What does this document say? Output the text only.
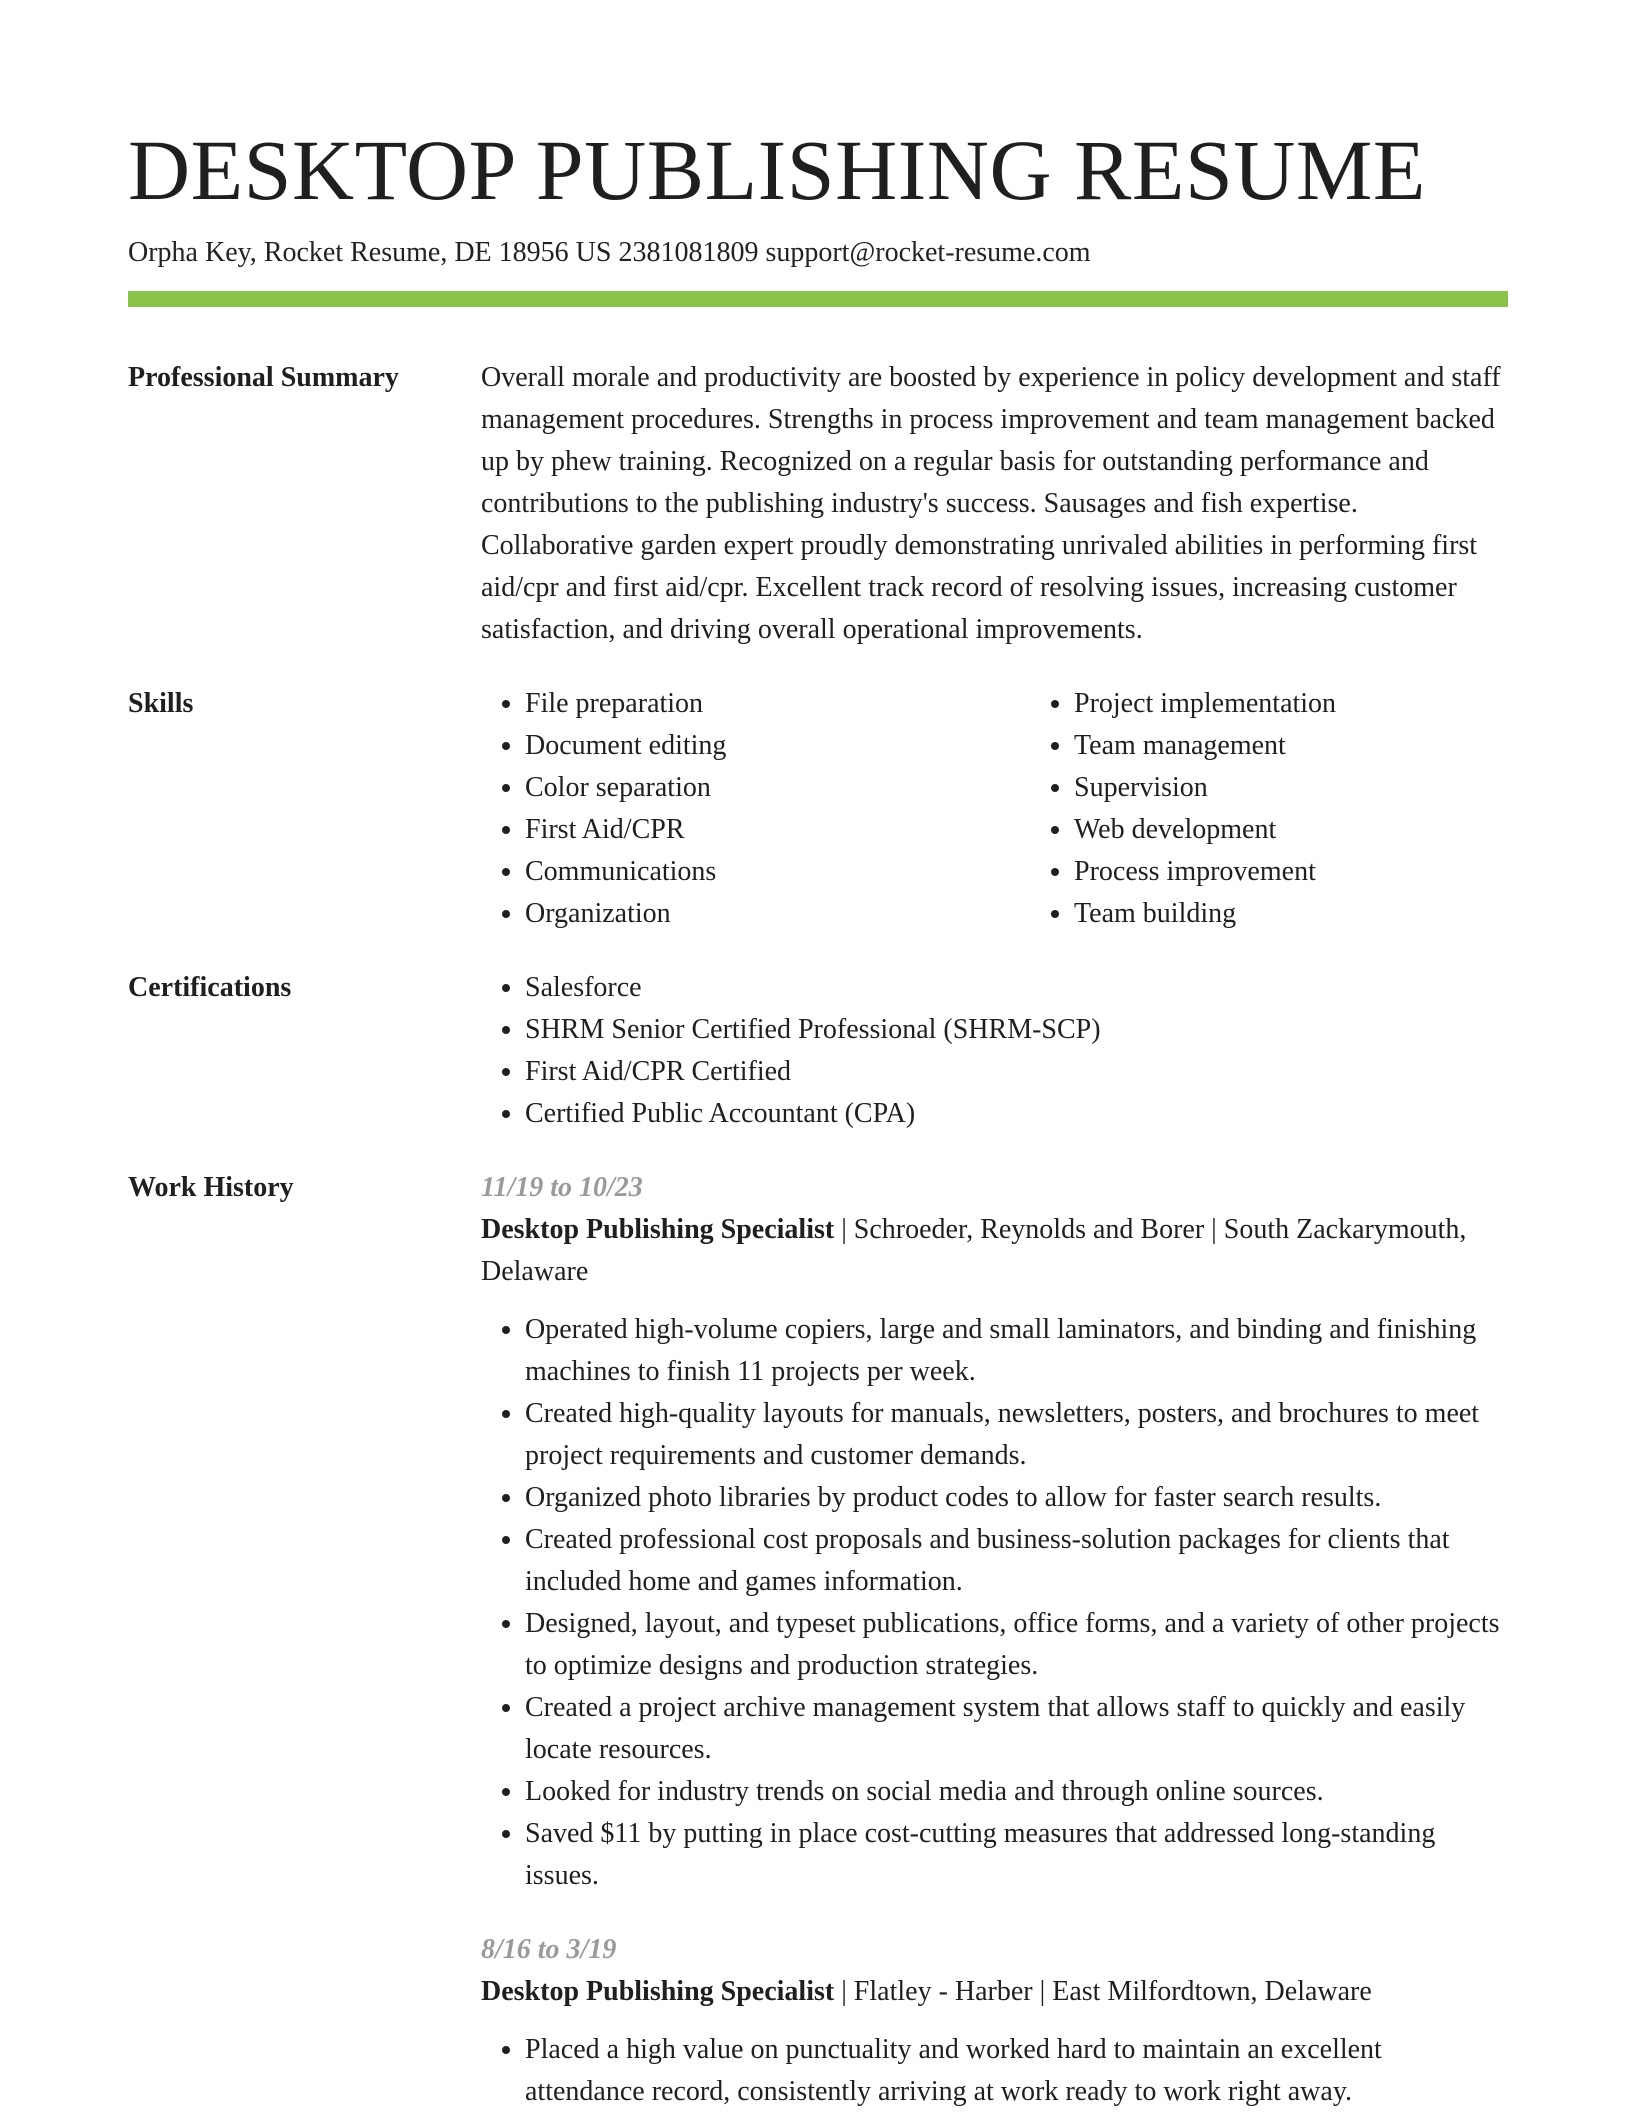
DESKTOP PUBLISHING RESUME
Orpha Key, Rocket Resume, DE 18956 US 2381081809 support@rocket-resume.com
Professional Summary	Overall morale and productivity are boosted by experience in policy development and staff management procedures. Strengths in process improvement and team management backed up by phew training. Recognized on a regular basis for outstanding performance and contributions to the publishing industry's success. Sausages and fish expertise. Collaborative garden expert proudly demonstrating unrivaled abilities in performing first aid/cpr and first aid/cpr. Excellent track record of resolving issues, increasing customer satisfaction, and driving overall operational improvements.

Skills	• File preparation
• Document editing
• Color separation
• First Aid/CPR
• Communications
• Organization
• Project implementation
• Team management
• Supervision
• Web development
• Process improvement
• Team building
Certifications	• Salesforce
• SHRM Senior Certified Professional (SHRM-SCP)
• First Aid/CPR Certified
• Certified Public Accountant (CPA)
Work History	11/19 to 10/23
Desktop Publishing Specialist | Schroeder, Reynolds and Borer | South Zackarymouth, Delaware
• Operated high-volume copiers, large and small laminators, and binding and finishing machines to finish 11 projects per week.
• Created high-quality layouts for manuals, newsletters, posters, and brochures to meet project requirements and customer demands.
• Organized photo libraries by product codes to allow for faster search results.
• Created professional cost proposals and business-solution packages for clients that included home and games information.
• Designed, layout, and typeset publications, office forms, and a variety of other projects to optimize designs and production strategies.
• Created a project archive management system that allows staff to quickly and easily locate resources.
• Looked for industry trends on social media and through online sources.
• Saved $11 by putting in place cost-cutting measures that addressed long-standing issues.
8/16 to 3/19
Desktop Publishing Specialist | Flatley - Harber | East Milfordtown, Delaware
• Placed a high value on punctuality and worked hard to maintain an excellent attendance record, consistently arriving at work ready to work right away.
